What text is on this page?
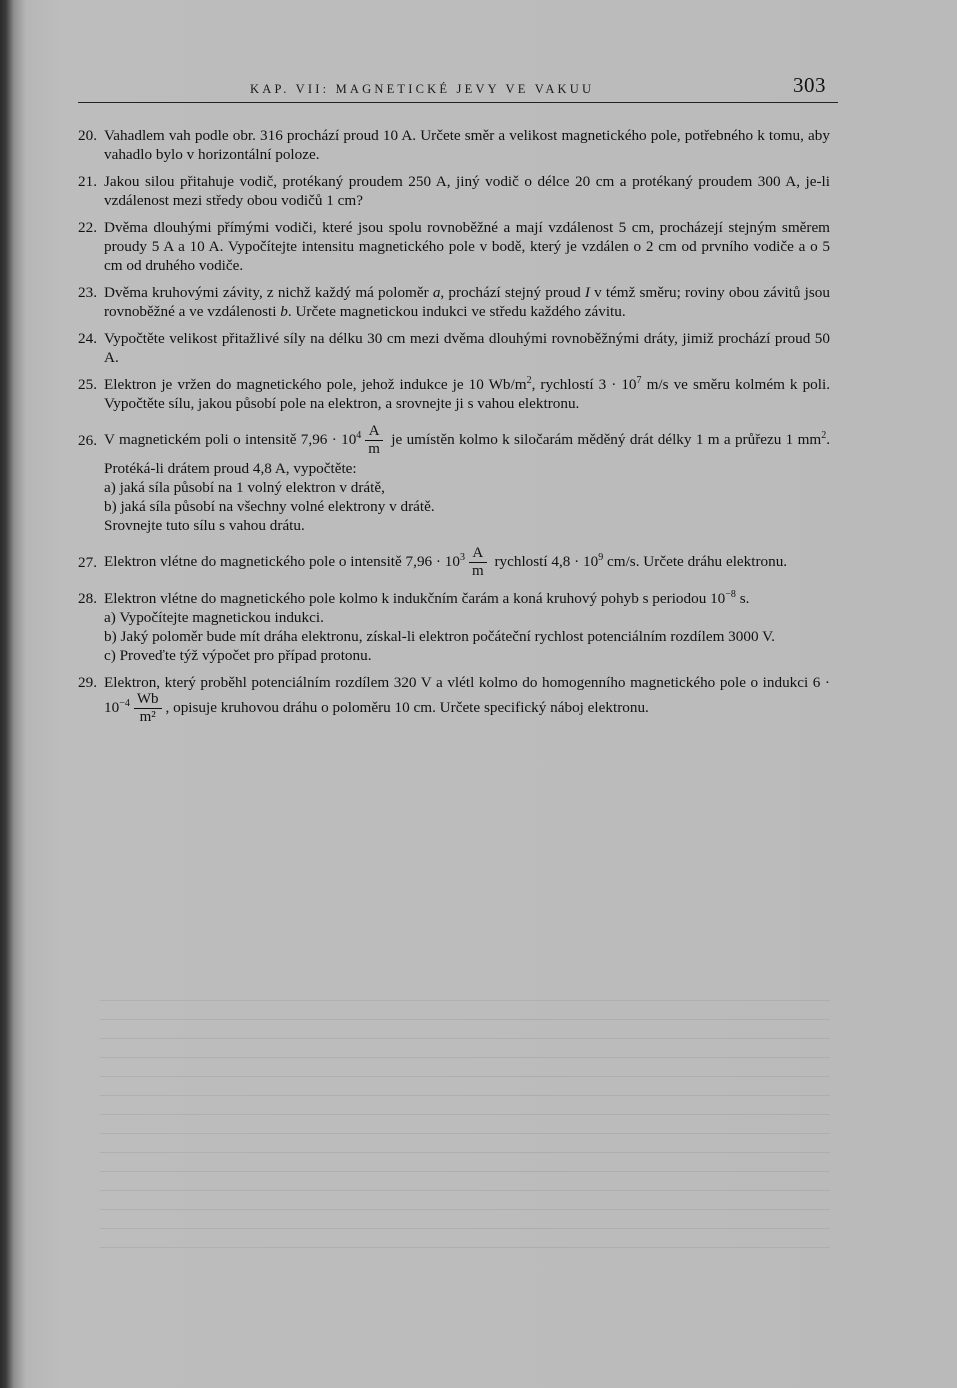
KAP. VII: MAGNETICKÉ JEVY VE VAKUU	303
20. Vahadlem vah podle obr. 316 prochází proud 10 A. Určete směr a velikost magnetického pole, potřebného k tomu, aby vahadlo bylo v horizontální poloze.

21. Jakou silou přitahuje vodič, protékaný proudem 250 A, jiný vodič o délce 20 cm a protékaný proudem 300 A, je-li vzdálenost mezi středy obou vodičů 1 cm?

22. Dvěma dlouhými přímými vodiči, které jsou spolu rovnoběžné a mají vzdálenost 5 cm, procházejí stejným směrem proudy 5 A a 10 A. Vypočítejte intensitu magnetického pole v bodě, který je vzdálen o 2 cm od prvního vodiče a o 5 cm od druhého vodiče.

23. Dvěma kruhovými závity, z nichž každý má poloměr a, prochází stejný proud I v témž směru; roviny obou závitů jsou rovnoběžné a ve vzdálenosti b. Určete magnetickou indukci ve středu každého závitu.

24. Vypočtěte velikost přitažlivé síly na délku 30 cm mezi dvěma dlouhými rovnoběžnými dráty, jimiž prochází proud 50 A.

25. Elektron je vržen do magnetického pole, jehož indukce je 10 $Wb/m^2$, rychlostí $3 \cdot 10^7$ m/s ve směru kolmém k poli. Vypočtěte sílu, jakou působí pole na elektron, a srovnejte ji s vahou elektronu.

26. V magnetickém poli o intensitě $7,96 \cdot 10^4 \frac{A}{m}$ je umístěn kolmo k siločarám měděný drát délky 1 m a průřezu 1 $mm^2$. Protéká-li drátem proud 4,8 A, vypočtěte:

a) jaká síla působí na 1 volný elektron v drátě,

b) jaká síla působí na všechny volné elektrony v drátě.

Srovnejte tuto sílu s vahou drátu.

27. Elektron vlétne do magnetického pole o intensitě $7,96 \cdot 10^3 \frac{A}{m}$ rychlostí $4,8 \cdot 10^9$ cm/s. Určete dráhu elektronu.

28. Elektron vlétne do magnetického pole kolmo k indukčním čarám a koná kruhový pohyb s periodou $10^{-8}$ s.

a) Vypočítejte magnetickou indukci.

b) Jaký poloměr bude mít dráha elektronu, získal-li elektron počáteční rychlost potenciálním rozdílem 3000 V.

c) Proveďte týž výpočet pro případ protonu.

29. Elektron, který proběhl potenciálním rozdílem 320 V a vlétl kolmo do homogenního magnetického pole o indukci $6 \cdot 10^{-4} \frac{Wb}{\text{m²}}$ , opisuje kruhovou dráhu o poloměru 10 cm. Určete specifický náboj elektronu.
